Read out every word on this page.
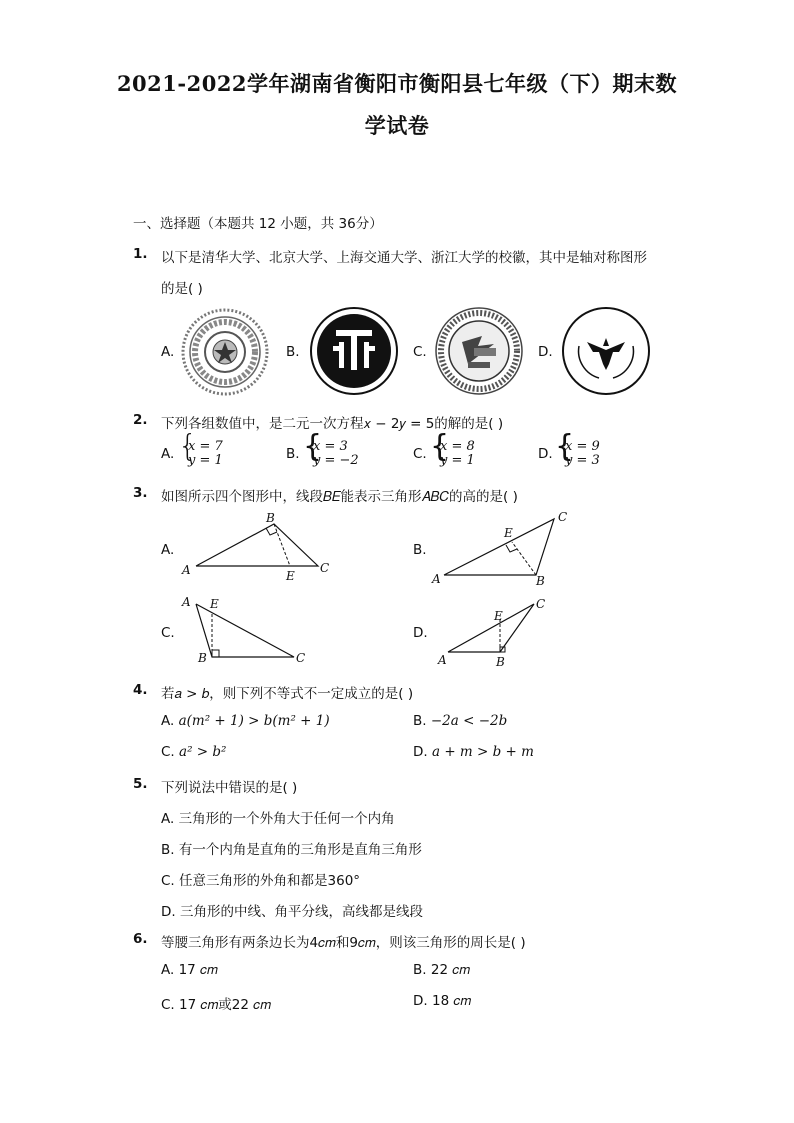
2021-2022学年湖南省衡阳市衡阳县七年级（下）期末数
学试卷
一、选择题（本题共 12 小题，共 36分）
1. 以下是清华大学、北京大学、上海交通大学、浙江大学的校徽，其中是轴对称图形
的是( )
A.	B.	C.	D.
2. 下列各组数值中，是二元一次方程𝑥 − 2𝑦 = 5的解的是( )
A. {
𝑥 = 7
𝑦 = 1	B. {
𝑥 = 3
𝑦 = −2	C. {
𝑥 = 8
𝑦 = 1	D. {
𝑥 = 9
𝑦 = 3
3. 如图所示四个图形中，线段𝐵𝐸能表示三角形𝐴𝐵𝐶的高的是( )
A.
A
B
E
C
B.
A
E
C
B
C.
A E
B	C
D.
A
E
B
C
4. 若𝑎 > 𝑏，则下列不等式不一定成立的是( )
A. 𝑎(𝑚² + 1) > 𝑏(𝑚² + 1)	B. −2𝑎 < −2𝑏
C. 𝑎² > 𝑏²	D. 𝑎 + 𝑚 > 𝑏 + 𝑚
5. 下列说法中错误的是( )
A. 三角形的一个外角大于任何一个内角
B. 有一个内角是直角的三角形是直角三角形
C. 任意三角形的外角和都是360°
D. 三角形的中线、角平分线，高线都是线段
6. 等腰三角形有两条边长为4𝑐𝑚和9𝑐𝑚，则该三角形的周长是( )
A. 17 𝑐𝑚	B. 22 𝑐𝑚
C. 17 𝑐𝑚或22 𝑐𝑚	D. 18 𝑐𝑚
